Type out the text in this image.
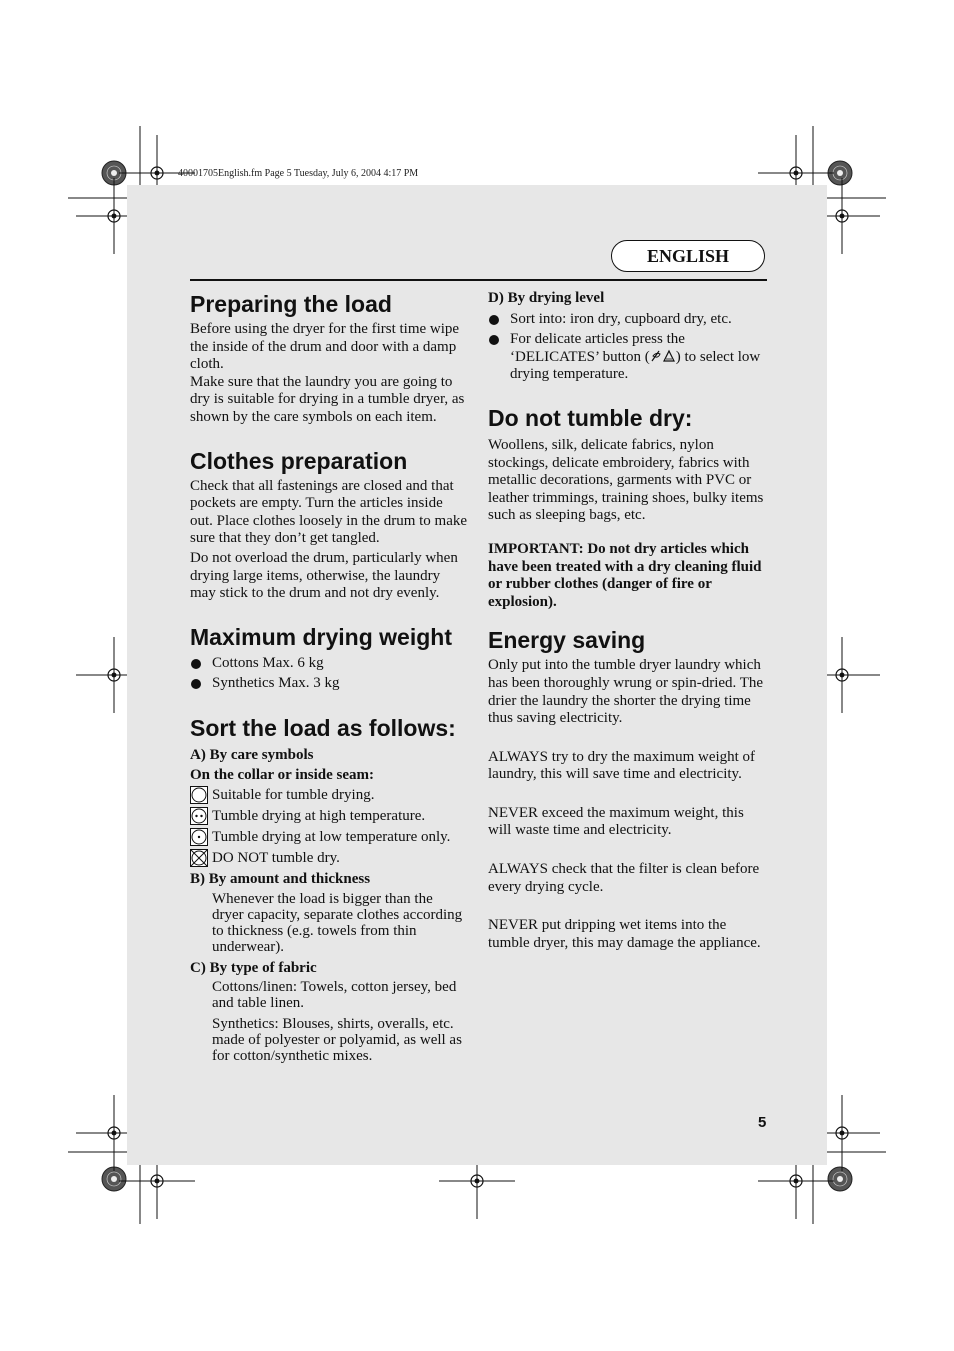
40001705English.fm Page 5 Tuesday, July 6, 2004 4:17 PM
ENGLISH
Preparing the load

Before using the dryer for the first time wipe the inside of the drum and door with a damp cloth.

Make sure that the laundry you are going to dry is suitable for drying in a tumble dryer, as shown by the care symbols on each item.

Clothes preparation

Check that all fastenings are closed and that pockets are empty. Turn the articles inside out. Place clothes loosely in the drum to make sure that they don’t get tangled.

Do not overload the drum, particularly when drying large items, otherwise, the laundry may stick to the drum and not dry evenly.

Maximum drying weight
Cottons Max. 6 kg
Synthetics Max. 3 kg
Sort the load as follows:

A) By care symbols

On the collar or inside seam:

Suitable for tumble drying.
Tumble drying at high temperature.
Tumble drying at low temperature only.
DO NOT tumble dry.

B) By amount and thickness

Whenever the load is bigger than the dryer capacity, separate clothes according to thickness (e.g. towels from thin underwear).

C) By type of fabric

Cottons/linen: Towels, cotton jersey, bed and table linen.

Synthetics: Blouses, shirts, overalls, etc. made of polyester or polyamid, as well as for cotton/synthetic mixes.

D) By drying level

Sort into: iron dry, cupboard dry, etc.
For delicate articles press the ‘DELICATES’ button ( ) to select low drying temperature.
Do not tumble dry:

Woollens, silk, delicate fabrics, nylon stockings, delicate embroidery, fabrics with metallic decorations, garments with PVC or leather trimmings, training shoes, bulky items such as sleeping bags, etc.

IMPORTANT: Do not dry articles which have been treated with a dry cleaning fluid or rubber clothes (danger of fire or explosion).

Energy saving

Only put into the tumble dryer laundry which has been thoroughly wrung or spin-dried. The drier the laundry the shorter the drying time thus saving electricity.

ALWAYS try to dry the maximum weight of laundry, this will save time and electricity.

NEVER exceed the maximum weight, this will waste time and electricity.

ALWAYS check that the filter is clean before every drying cycle.

NEVER put dripping wet items into the tumble dryer, this may damage the appliance.

5
